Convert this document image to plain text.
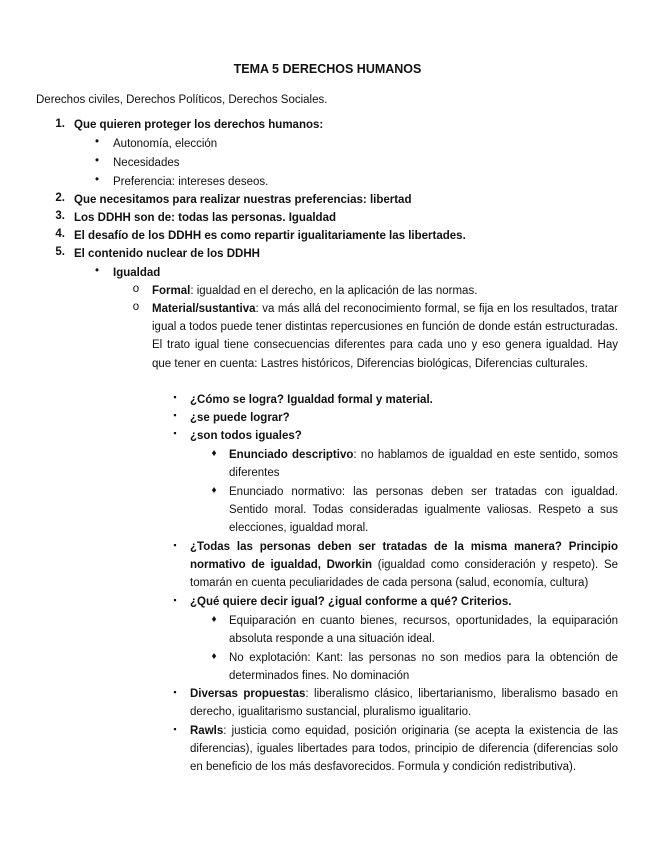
TEMA 5 DERECHOS HUMANOS
Derechos civiles, Derechos Políticos, Derechos Sociales.
1. Que quieren proteger los derechos humanos:
• Autonomía, elección
• Necesidades
• Preferencia: intereses deseos.
2. Que necesitamos para realizar nuestras preferencias: libertad
3. Los DDHH son de: todas las personas. Igualdad
4. El desafío de los DDHH es como repartir igualitariamente las libertades.
5. El contenido nuclear de los DDHH
• Igualdad
o Formal: igualdad en el derecho, en la aplicación de las normas.
o Material/sustantiva: va más allá del reconocimiento formal, se fija en los resultados, tratar igual a todos puede tener distintas repercusiones en función de donde están estructuradas. El trato igual tiene consecuencias diferentes para cada uno y eso genera igualdad. Hay que tener en cuenta: Lastres históricos, Diferencias biológicas, Diferencias culturales.
▪ ¿Cómo se logra? Igualdad formal y material.
▪ ¿se puede lograr?
▪ ¿son todos iguales?
♦ Enunciado descriptivo: no hablamos de igualdad en este sentido, somos diferentes
♦ Enunciado normativo: las personas deben ser tratadas con igualdad. Sentido moral. Todas consideradas igualmente valiosas. Respeto a sus elecciones, igualdad moral.
▪ ¿Todas las personas deben ser tratadas de la misma manera? Principio normativo de igualdad, Dworkin (igualdad como consideración y respeto). Se tomarán en cuenta peculiaridades de cada persona (salud, economía, cultura)
▪ ¿Qué quiere decir igual? ¿igual conforme a qué? Criterios.
♦ Equiparación en cuanto bienes, recursos, oportunidades, la equiparación absoluta responde a una situación ideal.
♦ No explotación: Kant: las personas no son medios para la obtención de determinados fines. No dominación
▪ Diversas propuestas: liberalismo clásico, libertarianismo, liberalismo basado en derecho, igualitarismo sustancial, pluralismo igualitario.
▪ Rawls: justicia como equidad, posición originaria (se acepta la existencia de las diferencias), iguales libertades para todos, principio de diferencia (diferencias solo en beneficio de los más desfavorecidos. Formula y condición redistributiva).
